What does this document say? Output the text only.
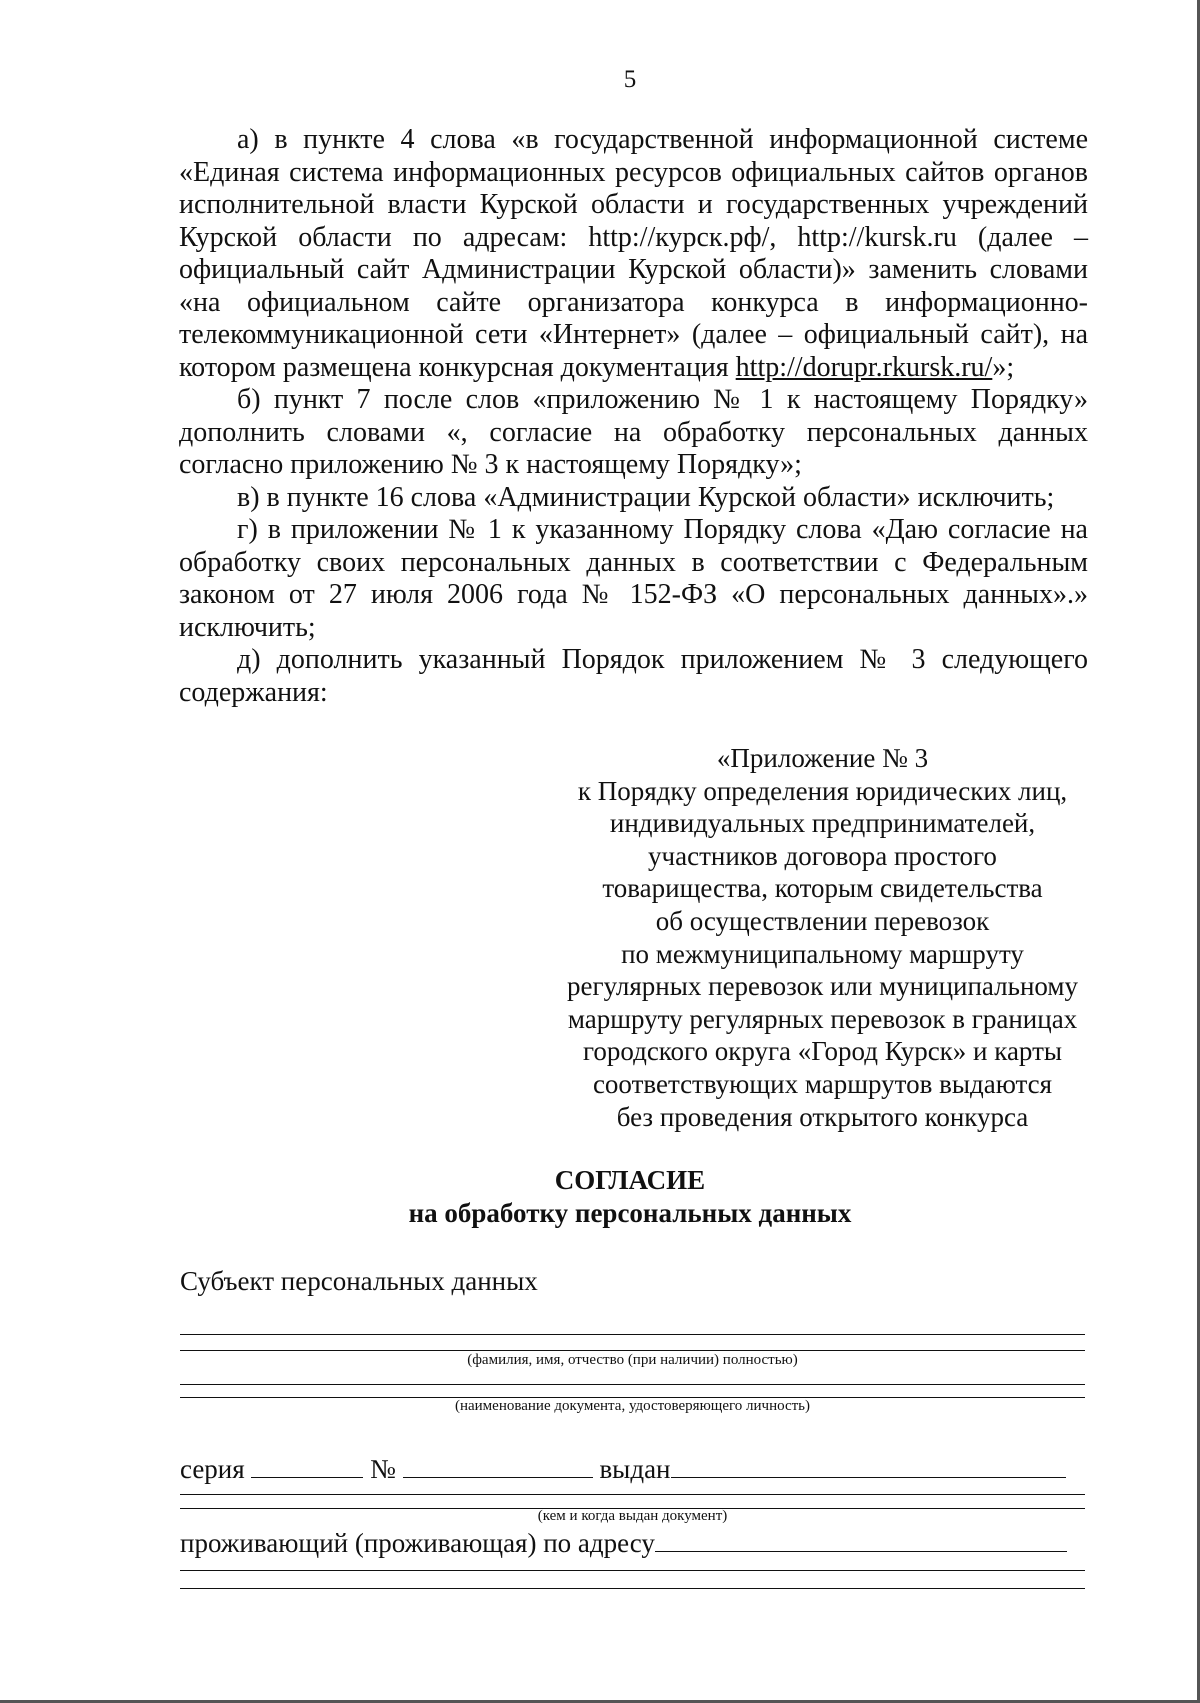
5

а) в пункте 4 слова «в государственной информационной системе «Единая система информационных ресурсов официальных сайтов органов исполнительной власти Курской области и государственных учреждений Курской области по адресам: http://курск.рф/, http://kursk.ru (далее – официальный сайт Администрации Курской области)» заменить словами «на официальном сайте организатора конкурса в информационно-телекоммуникационной сети «Интернет» (далее – официальный сайт), на котором размещена конкурсная документация http://dorupr.rkursk.ru/»;

б) пункт 7 после слов «приложению № 1 к настоящему Порядку» дополнить словами «, согласие на обработку персональных данных согласно приложению № 3 к настоящему Порядку»;

в) в пункте 16 слова «Администрации Курской области» исключить;

г) в приложении № 1 к указанному Порядку слова «Даю согласие на обработку своих персональных данных в соответствии с Федеральным законом от 27 июля 2006 года № 152-ФЗ «О персональных данных».» исключить;

д) дополнить указанный Порядок приложением № 3 следующего содержания:

«Приложение № 3
к Порядку определения юридических лиц,
индивидуальных предпринимателей,
участников договора простого
товарищества, которым свидетельства
об осуществлении перевозок
по межмуниципальному маршруту
регулярных перевозок или муниципальному
маршруту регулярных перевозок в границах
городского округа «Город Курск» и карты
соответствующих маршрутов выдаются
без проведения открытого конкурса
СОГЛАСИЕ
на обработку персональных данных
Субъект персональных данных
(фамилия, имя, отчество (при наличии) полностью)
(наименование документа, удостоверяющего личность)
серия	№	выдан
(кем и когда выдан документ)
проживающий (проживающая) по адресу
